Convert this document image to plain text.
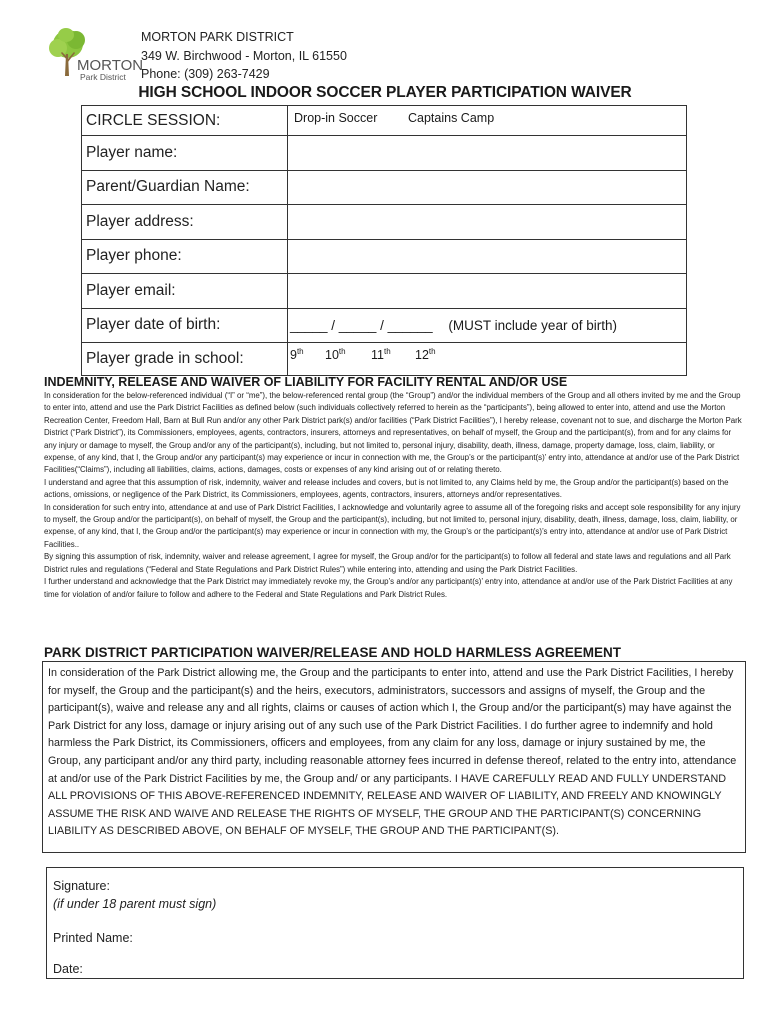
MORTON
Park District
MORTON PARK DISTRICT
349 W. Birchwood - Morton, IL 61550
Phone: (309) 263-7429
HIGH SCHOOL INDOOR SOCCER PLAYER PARTICIPATION WAIVER
CIRCLE SESSION:	Drop-in Soccer Captains Camp

Player name:	
Parent/Guardian Name:	
Player address:	
Player phone:	
Player email:	
Player date of birth:	_____ / _____ / ______ (MUST include year of birth)
Player grade in school:	9th 10th 11th 12th
INDEMNITY, RELEASE AND WAIVER OF LIABILITY FOR FACILITY RENTAL AND/OR USE
In consideration for the below-referenced individual (“I” or “me”), the below-referenced rental group (the “Group”) and/or the individual members of the Group and all others invited by me and the Group to enter into, attend and use the Park District Facilities as defined below (such individuals collectively referred to herein as the “participants”), being allowed to enter into, attend and use the Morton Recreation Center, Freedom Hall, Barn at Bull Run and/or any other Park District park(s) and/or facilities (“Park District Facilities”), I hereby release, covenant not to sue, and discharge the Morton Park District (“Park District”), its Commissioners, employees, agents, contractors, insurers, attorneys and representatives, on behalf of myself, the Group and the participant(s), from and for any claims for any injury or damage to myself, the Group and/or any of the participant(s), including, but not limited to, personal injury, disability, death, illness, damage, property damage, loss, claim, liability, or expense, of any kind, that I, the Group and/or any participant(s) may experience or incur in connection with me, the Group’s or the participant(s)’ entry into, attendance at and/or use of the Park District Facilities(“Claims”), including all liabilities, claims, actions, damages, costs or expenses of any kind arising out of or relating thereto.
I understand and agree that this assumption of risk, indemnity, waiver and release includes and covers, but is not limited to, any Claims held by me, the Group and/or the participant(s) based on the actions, omissions, or negligence of the Park District, its Commissioners, employees, agents, contractors, insurers, attorneys and/or representatives.
In consideration for such entry into, attendance at and use of Park District Facilities, I acknowledge and voluntarily agree to assume all of the foregoing risks and accept sole responsibility for any injury to myself, the Group and/or the participant(s), on behalf of myself, the Group and the participant(s), including, but not limited to, personal injury, disability, death, illness, damage, loss, claim, liability, or expense, of any kind, that I, the Group and/or the participant(s) may experience or incur in connection with my, the Group’s or the participant(s)’s entry into, attendance at and/or use of Park District Facilities..
By signing this assumption of risk, indemnity, waiver and release agreement, I agree for myself, the Group and/or for the participant(s) to follow all federal and state laws and regulations and all Park District rules and regulations (“Federal and State Regulations and Park District Rules”) while entering into, attending and using the Park District Facilities.
I further understand and acknowledge that the Park District may immediately revoke my, the Group’s and/or any participant(s)’ entry into, attendance at and/or use of the Park District Facilities at any time for violation of and/or failure to follow and adhere to the Federal and State Regulations and Park District Rules.
PARK DISTRICT PARTICIPATION WAIVER/RELEASE AND HOLD HARMLESS AGREEMENT
In consideration of the Park District allowing me, the Group and the participants to enter into, attend and use the Park District Facilities, I hereby for myself, the Group and the participant(s) and the heirs, executors, administrators, successors and assigns of myself, the Group and the participant(s), waive and release any and all rights, claims or causes of action which I, the Group and/or the participant(s) may have against the Park District for any loss, damage or injury arising out of any such use of the Park District Facilities. I do further agree to indemnify and hold harmless the Park District, its Commissioners, officers and employees, from any claim for any loss, damage or injury sustained by me, the Group, any participant and/or any third party, including reasonable attorney fees incurred in defense thereof, related to the entry into, attendance at and/or use of the Park District Facilities by me, the Group and/ or any participants. I HAVE CAREFULLY READ AND FULLY UNDERSTAND ALL PROVISIONS OF THIS ABOVE-REFERENCED INDEMNITY, RELEASE AND WAIVER OF LIABILITY, AND FREELY AND KNOWINGLY ASSUME THE RISK AND WAIVE AND RELEASE THE RIGHTS OF MYSELF, THE GROUP AND THE PARTICIPANT(S) CONCERNING LIABILITY AS DESCRIBED ABOVE, ON BEHALF OF MYSELF, THE GROUP AND THE PARTICIPANT(S).
Signature:
(if under 18 parent must sign)
Printed Name:
Date:
